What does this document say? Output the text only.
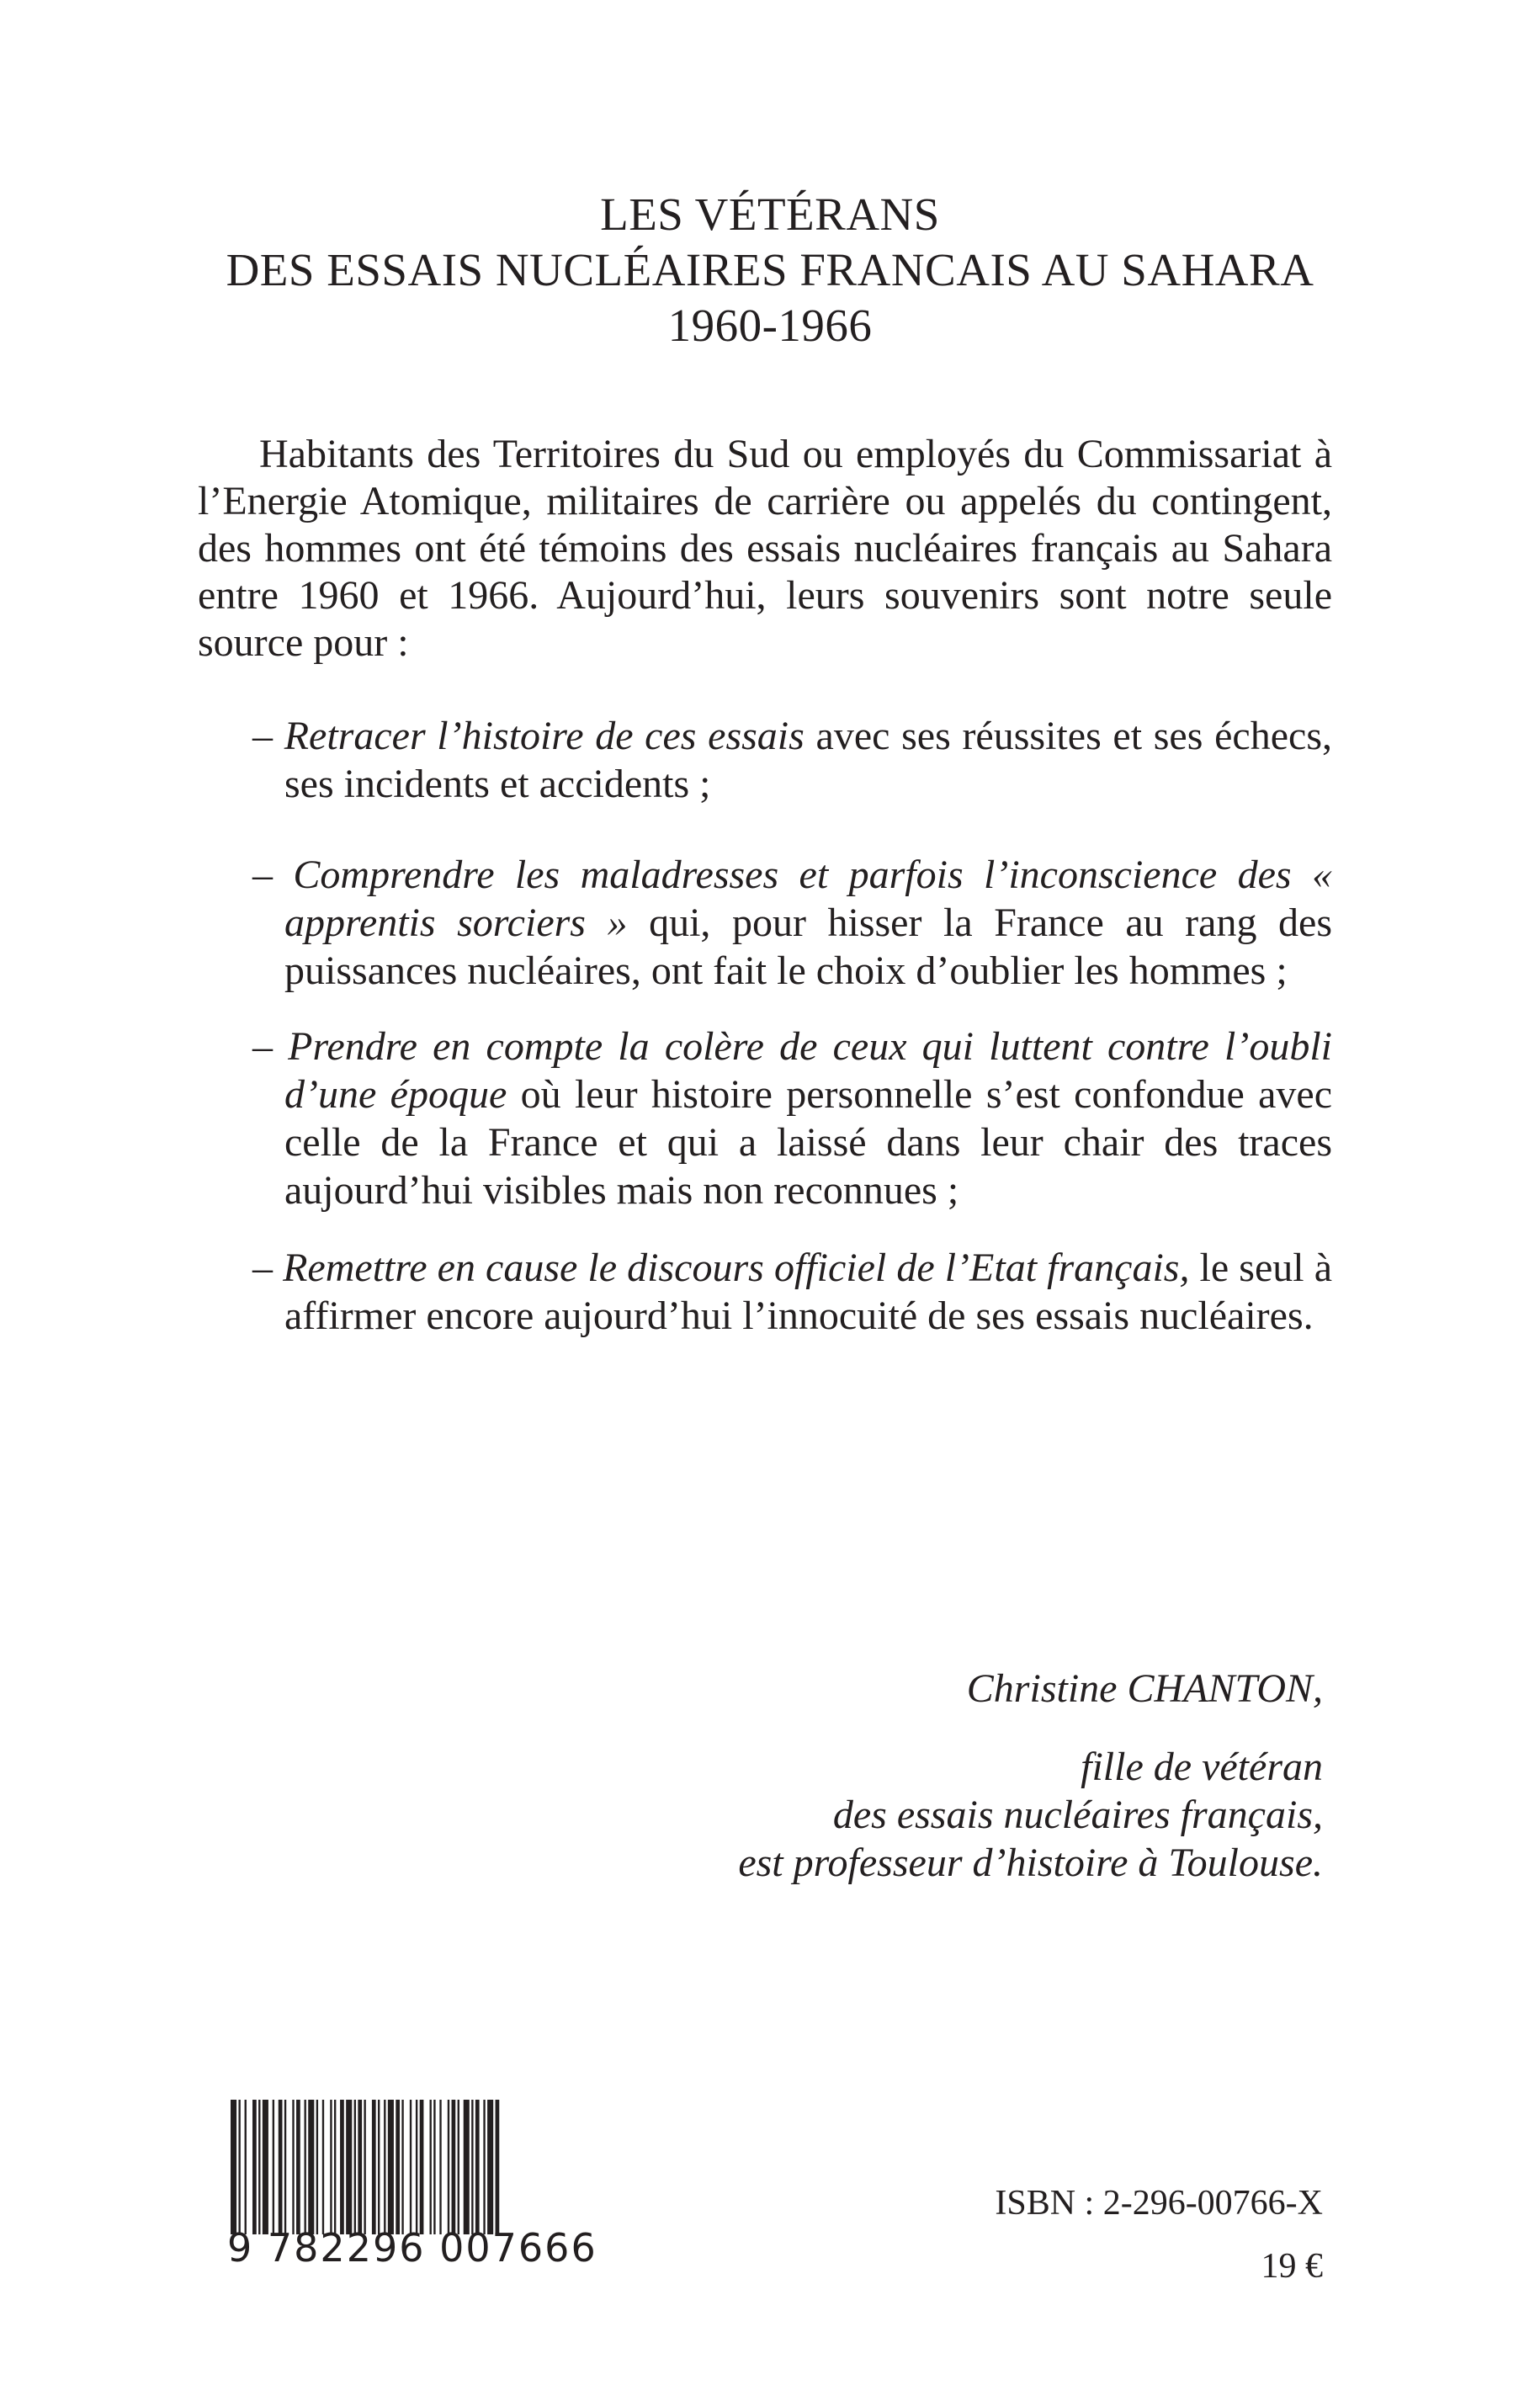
LES VÉTÉRANS
DES ESSAIS NUCLÉAIRES FRANCAIS AU SAHARA
1960-1966

Habitants des Territoires du Sud ou employés du Commissariat à l’Energie Atomique, militaires de carrière ou appelés du contingent, des hommes ont été témoins des essais nucléaires français au Sahara entre 1960 et 1966. Aujourd’hui, leurs souvenirs sont notre seule source pour :

– Retracer l’histoire de ces essais avec ses réussites et ses échecs, ses incidents et accidents ;

– Comprendre les maladresses et parfois l’inconscience des « apprentis sorciers » qui, pour hisser la France au rang des puissances nucléaires, ont fait le choix d’oublier les hommes ;

– Prendre en compte la colère de ceux qui luttent contre l’oubli d’une époque où leur histoire personnelle s’est confondue avec celle de la France et qui a laissé dans leur chair des traces aujourd’hui visibles mais non reconnues ;

– Remettre en cause le discours officiel de l’Etat français, le seul à affirmer encore aujourd’hui l’innocuité de ses essais nucléaires.

Christine CHANTON,
fille de vétéran
des essais nucléaires français,
est professeur d’histoire à Toulouse.
9 782296 007666
ISBN : 2-296-00766-X
19 €
